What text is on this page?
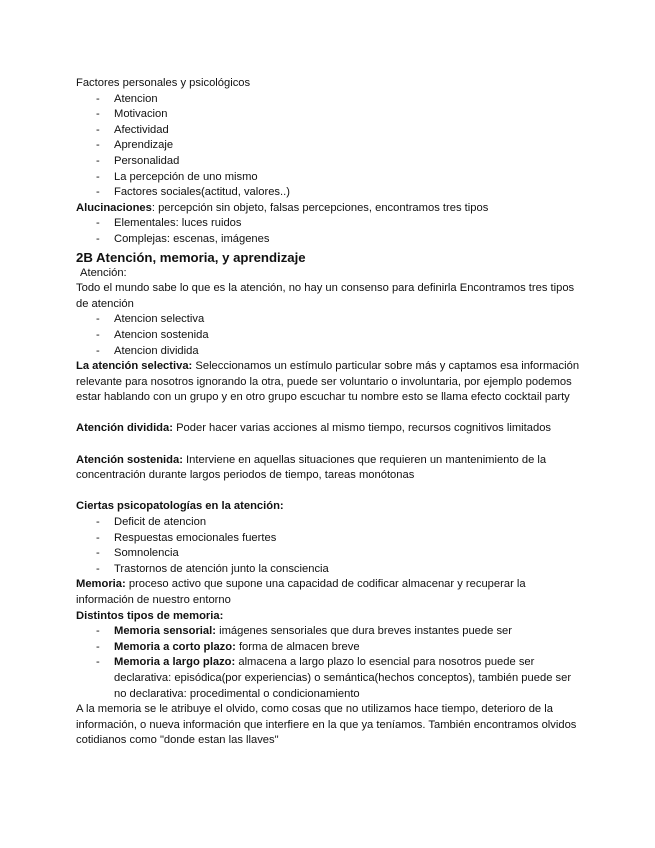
Factores personales y psicológicos
- Atencion
- Motivacion
- Afectividad
- Aprendizaje
- Personalidad
- La percepción de uno mismo
- Factores sociales(actitud, valores..)
Alucinaciones: percepción sin objeto, falsas percepciones, encontramos tres tipos
- Elementales: luces ruidos
- Complejas: escenas, imágenes
2B Atención, memoria, y aprendizaje
Atención:

Todo el mundo sabe lo que es la atención, no hay un consenso para definirla Encontramos tres tipos de atención

- Atencion selectiva
- Atencion sostenida
- Atencion dividida

La atención selectiva: Seleccionamos un estímulo particular sobre más y captamos esa información relevante para nosotros ignorando la otra, puede ser voluntario o involuntaria, por ejemplo podemos estar hablando con un grupo y en otro grupo escuchar tu nombre esto se llama efecto cocktail party

Atención dividida: Poder hacer varias acciones al mismo tiempo, recursos cognitivos limitados

Atención sostenida: Interviene en aquellas situaciones que requieren un mantenimiento de la concentración durante largos periodos de tiempo, tareas monótonas

Ciertas psicopatologías en la atención:
- Deficit de atencion
- Respuestas emocionales fuertes
- Somnolencia
- Trastornos de atención junto la consciencia

Memoria: proceso activo que supone una capacidad de codificar almacenar y recuperar la información de nuestro entorno

Distintos tipos de memoria:
- Memoria sensorial: imágenes sensoriales que dura breves instantes puede ser
- Memoria a corto plazo: forma de almacen breve
- Memoria a largo plazo: almacena a largo plazo lo esencial para nosotros puede ser declarativa: episódica(por experiencias) o semántica(hechos conceptos), también puede ser no declarativa: procedimental o condicionamiento

A la memoria se le atribuye el olvido, como cosas que no utilizamos hace tiempo, deterioro de la información, o nueva información que interfiere en la que ya teníamos. También encontramos olvidos cotidianos como "donde estan las llaves"
